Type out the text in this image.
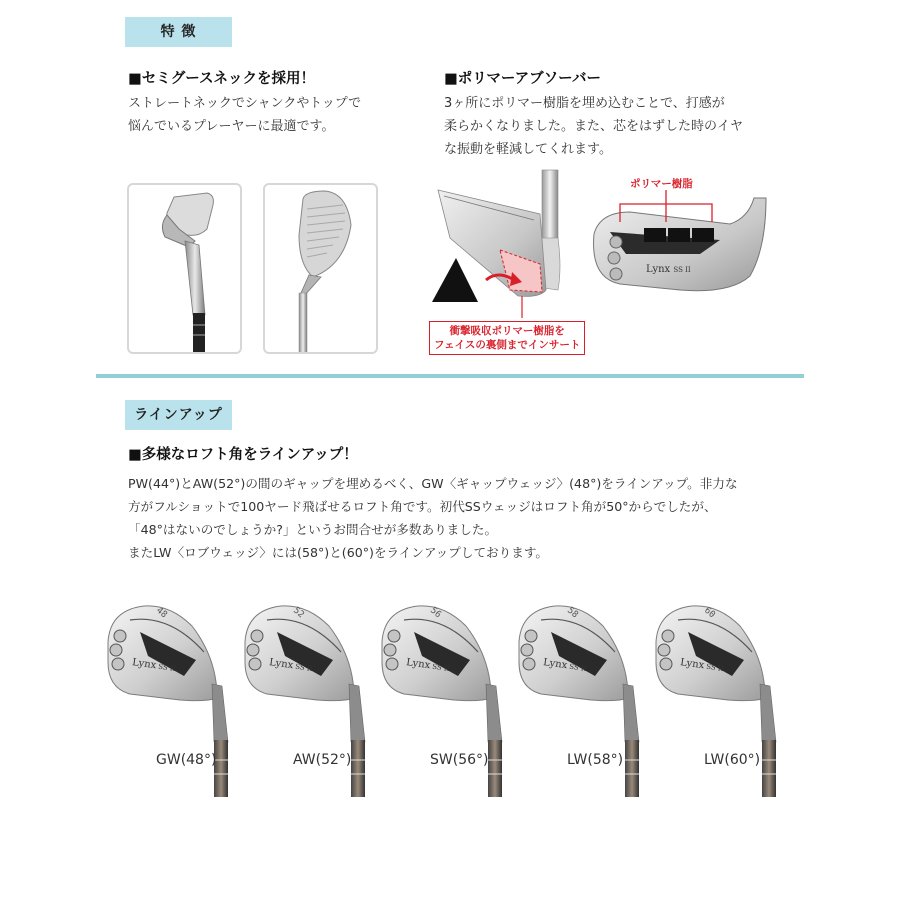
特 徴
■セミグースネックを採用！
ストレートネックでシャンクやトップで
悩んでいるプレーヤーに最適です。
■ポリマーアブソーバー
3ヶ所にポリマー樹脂を埋め込むことで、打感が
柔らかくなりました。また、芯をはずした時のイヤ
な振動を軽減してくれます。
ポリマー樹脂
Lynx SS II
衝撃吸収ポリマー樹脂を
フェイスの裏側までインサート
ラインアップ
■多様なロフト角をラインアップ！
PW(44°)とAW(52°)の間のギャップを埋めるべく、GW〈ギャップウェッジ〉(48°)をラインアップ。非力な
方がフルショットで100ヤード飛ばせるロフト角です。初代SSウェッジはロフト角が50°からでしたが、
「48°はないのでしょうか?」というお問合せが多数ありました。
またLW〈ロブウェッジ〉には(58°)と(60°)をラインアップしております。
48
Lynx SS II
GW(48°)
52
Lynx SS II
AW(52°)
56
Lynx SS II
SW(56°)
58
Lynx SS II
LW(58°)
60
Lynx SS II
LW(60°)
